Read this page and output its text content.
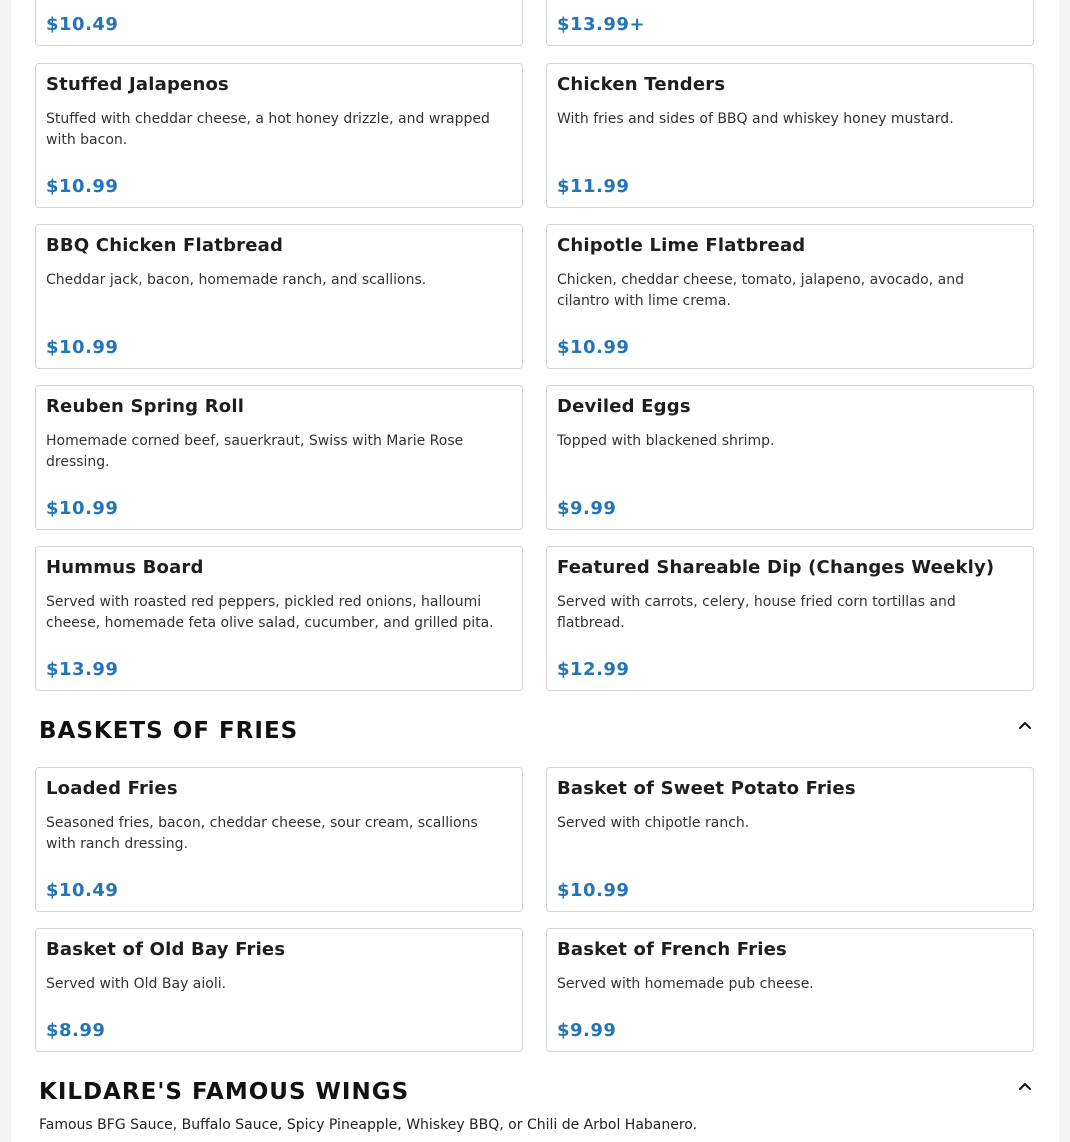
$10.49	$13.99+
Stuffed Jalapenos
Stuffed with cheddar cheese, a hot honey drizzle, and wrapped with bacon.
$10.99
Chicken Tenders
With fries and sides of BBQ and whiskey honey mustard.
$11.99
BBQ Chicken Flatbread
Cheddar jack, bacon, homemade ranch, and scallions.
$10.99
Chipotle Lime Flatbread
Chicken, cheddar cheese, tomato, jalapeno, avocado, and cilantro with lime crema.
$10.99
Reuben Spring Roll
Homemade corned beef, sauerkraut, Swiss with Marie Rose dressing.
$10.99
Deviled Eggs
Topped with blackened shrimp.
$9.99
Hummus Board
Served with roasted red peppers, pickled red onions, halloumi cheese, homemade feta olive salad, cucumber, and grilled pita.
$13.99
Featured Shareable Dip (Changes Weekly)
Served with carrots, celery, house fried corn tortillas and flatbread.
$12.99
BASKETS OF FRIES
Loaded Fries
Seasoned fries, bacon, cheddar cheese, sour cream, scallions with ranch dressing.
$10.49
Basket of Sweet Potato Fries
Served with chipotle ranch.
$10.99
Basket of Old Bay Fries
Served with Old Bay aioli.
$8.99
Basket of French Fries
Served with homemade pub cheese.
$9.99
KILDARE'S FAMOUS WINGS
Famous BFG Sauce, Buffalo Sauce, Spicy Pineapple, Whiskey BBQ, or Chili de Arbol Habanero.
